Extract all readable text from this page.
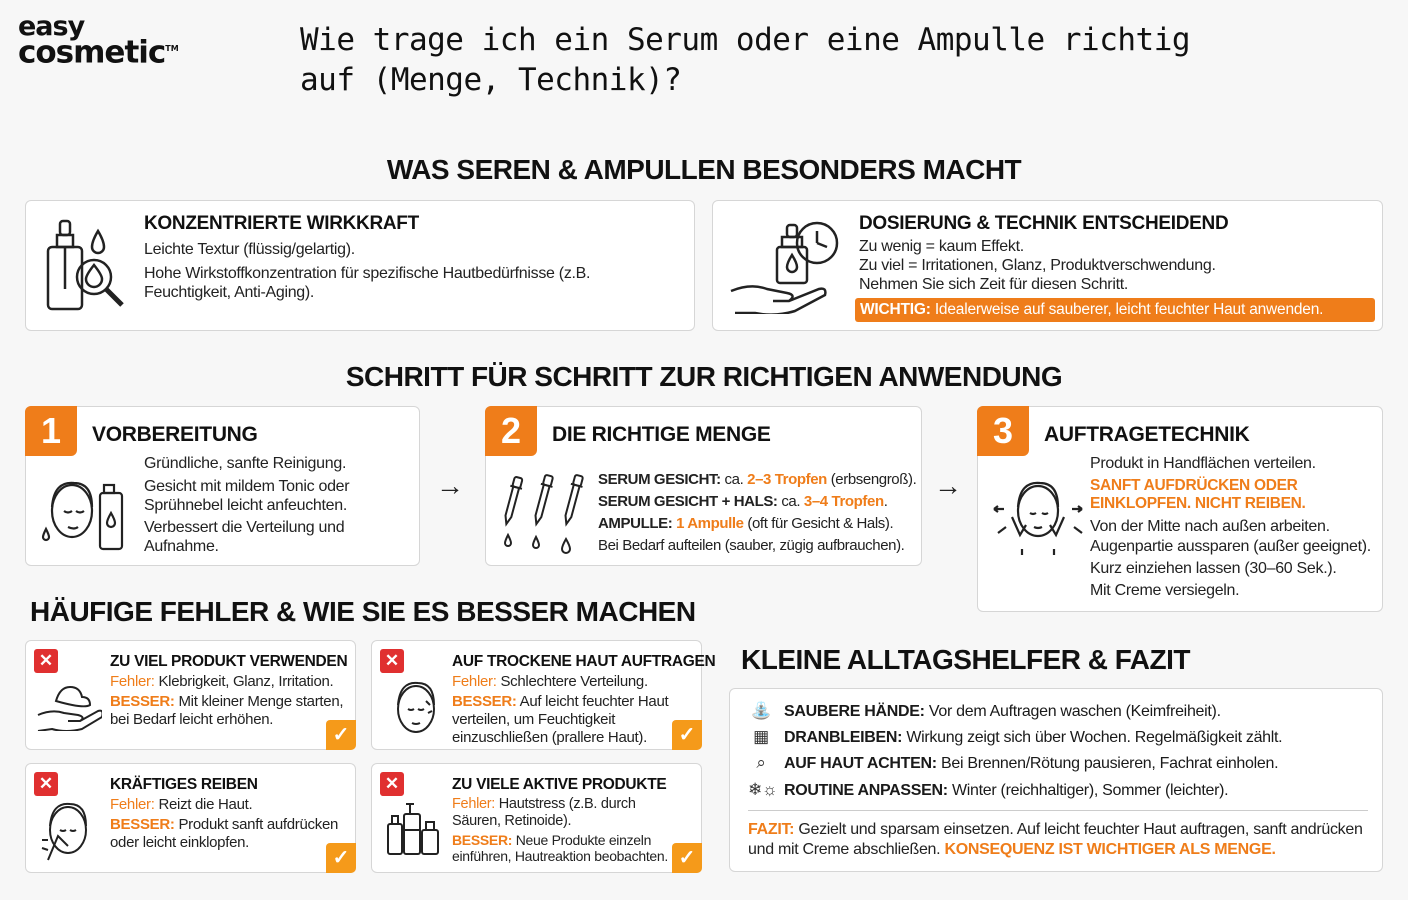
easy
cosmetic™	Wie trage ich ein Serum oder eine Ampulle richtig auf (Menge, Technik)?
WAS SEREN & AMPULLEN BESONDERS MACHT
KONZENTRIERTE WIRKKRAFT
Leichte Textur (flüssig/gelartig).
Hohe Wirkstoffkonzentration für spezifische Hautbedürfnisse (z.B. Feuchtigkeit, Anti-Aging).
DOSIERUNG & TECHNIK ENTSCHEIDEND
Zu wenig = kaum Effekt.
Zu viel = Irritationen, Glanz, Produktverschwendung.
Nehmen Sie sich Zeit für diesen Schritt.
WICHTIG: Idealerweise auf sauberer, leicht feuchter Haut anwenden.
SCHRITT FÜR SCHRITT ZUR RICHTIGEN ANWENDUNG
1	VORBEREITUNG
Gründliche, sanfte Reinigung.
Gesicht mit mildem Tonic oder Sprühnebel leicht anfeuchten.
Verbessert die Verteilung und Aufnahme.
→
2	DIE RICHTIGE MENGE
SERUM GESICHT: ca. 2–3 Tropfen (erbsengroß).
SERUM GESICHT + HALS: ca. 3–4 Tropfen.
AMPULLE: 1 Ampulle (oft für Gesicht & Hals).
Bei Bedarf aufteilen (sauber, zügig aufbrauchen).
→
3	AUFTRAGETECHNIK
Produkt in Handflächen verteilen.
SANFT AUFDRÜCKEN ODER EINKLOPFEN. NICHT REIBEN.
Von der Mitte nach außen arbeiten.
Augenpartie aussparen (außer geeignet).
Kurz einziehen lassen (30–60 Sek.).
Mit Creme versiegeln.
HÄUFIGE FEHLER & WIE SIE ES BESSER MACHEN
✕	ZU VIEL PRODUKT VERWENDEN
Fehler: Klebrigkeit, Glanz, Irritation.
BESSER: Mit kleiner Menge starten, bei Bedarf leicht erhöhen.
✓
✕	AUF TROCKENE HAUT AUFTRAGEN
Fehler: Schlechtere Verteilung.
BESSER: Auf leicht feuchter Haut verteilen, um Feuchtigkeit einzuschließen (prallere Haut).	✓
✕	KRÄFTIGES REIBEN
Fehler: Reizt die Haut.
BESSER: Produkt sanft aufdrücken oder leicht einklopfen.
✓
✕	ZU VIELE AKTIVE PRODUKTE
Fehler: Hautstress (z.B. durch Säuren, Retinoide).
BESSER: Neue Produkte einzeln einführen, Hautreaktion beobachten. ✓
KLEINE ALLTAGSHELFER & FAZIT
⛲ SAUBERE HÄNDE: Vor dem Auftragen waschen (Keimfreiheit).
▦ DRANBLEIBEN: Wirkung zeigt sich über Wochen. Regelmäßigkeit zählt.
⌕ AUF HAUT ACHTEN: Bei Brennen/Rötung pausieren, Fachrat einholen.
❄☼ ROUTINE ANPASSEN: Winter (reichhaltiger), Sommer (leichter).
FAZIT: Gezielt und sparsam einsetzen. Auf leicht feuchter Haut auftragen, sanft andrücken und mit Creme abschließen. KONSEQUENZ IST WICHTIGER ALS MENGE.
